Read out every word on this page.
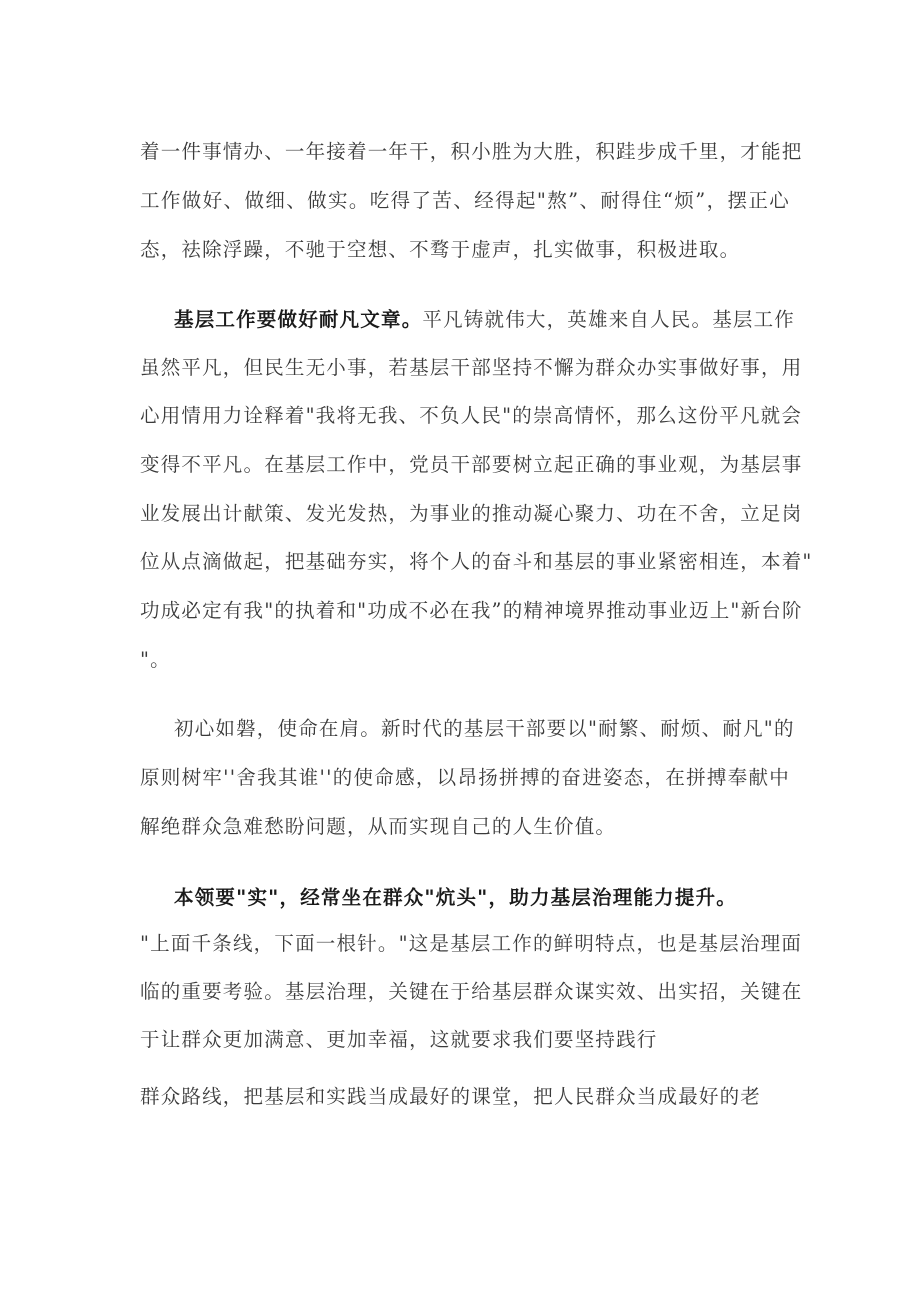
着一件事情办、一年接着一年干，积小胜为大胜，积跬步成千里，才能把
工作做好、做细、做实。吃得了苦、经得起"熬”、耐得住“烦”，摆正心
态，祛除浮躁，不驰于空想、不骛于虚声，扎实做事，积极进取。
基层工作要做好耐凡文章。平凡铸就伟大，英雄来自人民。基层工作
虽然平凡，但民生无小事，若基层干部坚持不懈为群众办实事做好事，用
心用情用力诠释着"我将无我、不负人民"的崇高情怀，那么这份平凡就会
变得不平凡。在基层工作中，党员干部要树立起正确的事业观，为基层事
业发展出计献策、发光发热，为事业的推动凝心聚力、功在不舍，立足岗
位从点滴做起，把基础夯实，将个人的奋斗和基层的事业紧密相连，本着"
功成必定有我"的执着和"功成不必在我”的精神境界推动事业迈上"新台阶
"。
初心如磐，使命在肩。新时代的基层干部要以"耐繁、耐烦、耐凡"的
原则树牢''舍我其谁''的使命感，以昂扬拼搏的奋进姿态，在拼搏奉献中
解绝群众急难愁盼问题，从而实现自己的人生价值。
本领要"实"，经常坐在群众"炕头"，助力基层治理能力提升。
"上面千条线，下面一根针。"这是基层工作的鲜明特点，也是基层治理面
临的重要考验。基层治理，关键在于给基层群众谋实效、出实招，关键在
于让群众更加满意、更加幸福，这就要求我们要坚持践行
群众路线，把基层和实践当成最好的课堂，把人民群众当成最好的老
